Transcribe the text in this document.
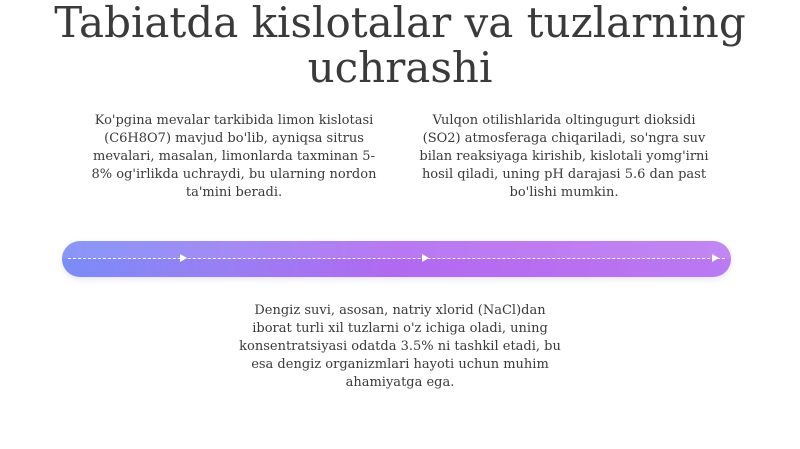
Tabiatda kislotalar va tuzlarning
uchrashi

Ko'pgina mevalar tarkibida limon kislotasi (C6H8O7) mavjud bo'lib, ayniqsa sitrus mevalari, masalan, limonlarda taxminan 5-8% og'irlikda uchraydi, bu ularning nordon ta'mini beradi.

Vulqon otilishlarida oltingugurt dioksidi (SO2) atmosferaga chiqariladi, so'ngra suv bilan reaksiyaga kirishib, kislotali yomg'irni hosil qiladi, uning pH darajasi 5.6 dan past bo'lishi mumkin.

Dengiz suvi, asosan, natriy xlorid (NaCl)dan iborat turli xil tuzlarni o'z ichiga oladi, uning konsentratsiyasi odatda 3.5% ni tashkil etadi, bu esa dengiz organizmlari hayoti uchun muhim ahamiyatga ega.
